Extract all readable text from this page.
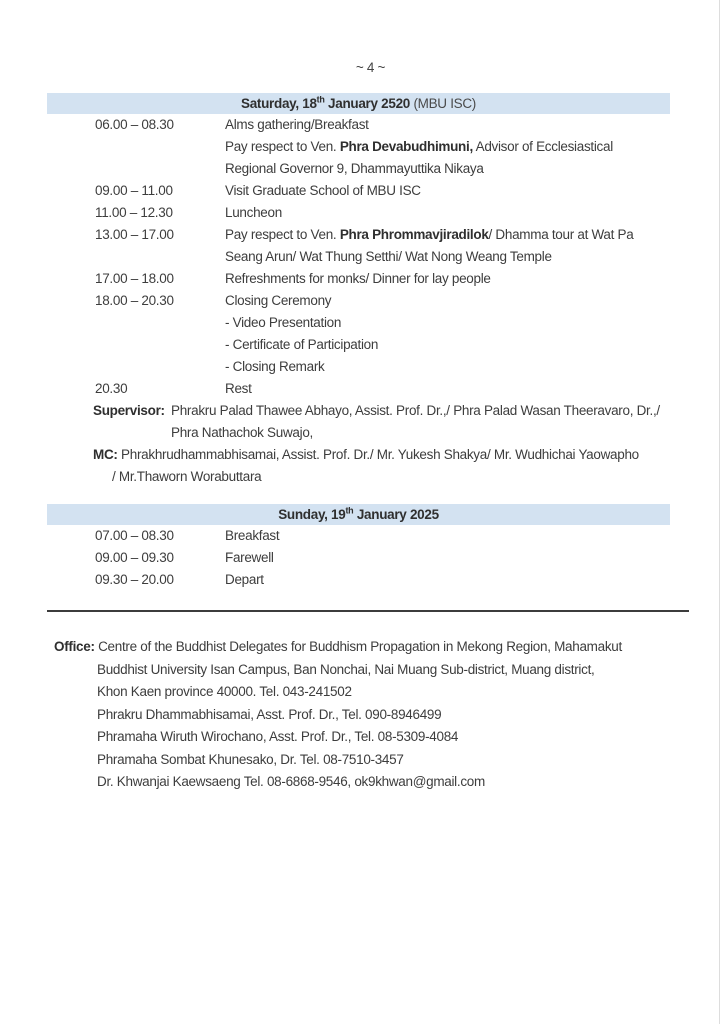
~ 4 ~
Saturday, 18th January 2520 (MBU ISC)
06.00 – 08.30	Alms gathering/Breakfast
Pay respect to Ven. Phra Devabudhimuni, Advisor of Ecclesiastical
Regional Governor 9, Dhammayuttika Nikaya
09.00 – 11.00	Visit Graduate School of MBU ISC
11.00 – 12.30	Luncheon
13.00 – 17.00	Pay respect to Ven. Phra Phrommavjiradilok/ Dhamma tour at Wat Pa
Seang Arun/ Wat Thung Setthi/ Wat Nong Weang Temple
17.00 – 18.00	Refreshments for monks/ Dinner for lay people
18.00 – 20.30	Closing Ceremony
- Video Presentation
- Certificate of Participation
- Closing Remark
20.30	Rest
Supervisor: Phrakru Palad Thawee Abhayo, Assist. Prof. Dr.,/ Phra Palad Wasan Theeravaro, Dr.,/
Phra Nathachok Suwajo,
MC: Phrakhrudhammabhisamai, Assist. Prof. Dr./ Mr. Yukesh Shakya/ Mr. Wudhichai Yaowapho
/ Mr.Thaworn Worabuttara
Sunday, 19th January 2025
07.00 – 08.30	Breakfast
09.00 – 09.30	Farewell
09.30 – 20.00	Depart
Office: Centre of the Buddhist Delegates for Buddhism Propagation in Mekong Region, Mahamakut
Buddhist University Isan Campus, Ban Nonchai, Nai Muang Sub-district, Muang district,
Khon Kaen province 40000. Tel. 043-241502
Phrakru Dhammabhisamai, Asst. Prof. Dr., Tel. 090-8946499
Phramaha Wiruth Wirochano, Asst. Prof. Dr., Tel. 08-5309-4084
Phramaha Sombat Khunesako, Dr. Tel. 08-7510-3457
Dr. Khwanjai Kaewsaeng Tel. 08-6868-9546, ok9khwan@gmail.com
